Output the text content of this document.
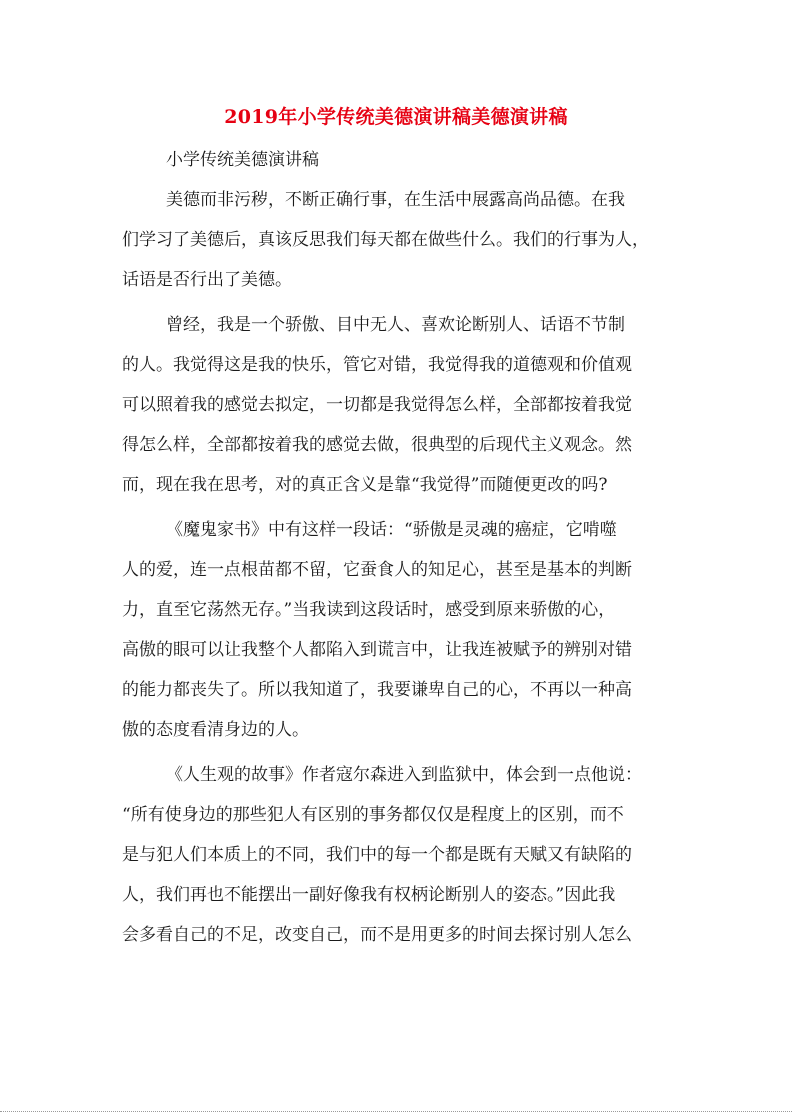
2019年小学传统美德演讲稿美德演讲稿
小学传统美德演讲稿
美德而非污秽，不断正确行事，在生活中展露高尚品德。在我
们学习了美德后，真该反思我们每天都在做些什么。我们的行事为人，
话语是否行出了美德。
曾经，我是一个骄傲、目中无人、喜欢论断别人、话语不节制
的人。我觉得这是我的快乐，管它对错，我觉得我的道德观和价值观
可以照着我的感觉去拟定，一切都是我觉得怎么样，全部都按着我觉
得怎么样，全部都按着我的感觉去做，很典型的后现代主义观念。然
而，现在我在思考，对的真正含义是靠“我觉得”而随便更改的吗?
《魔鬼家书》中有这样一段话：“骄傲是灵魂的癌症，它啃噬
人的爱，连一点根苗都不留，它蚕食人的知足心，甚至是基本的判断
力，直至它荡然无存。”当我读到这段话时，感受到原来骄傲的心，
高傲的眼可以让我整个人都陷入到谎言中，让我连被赋予的辨别对错
的能力都丧失了。所以我知道了，我要谦卑自己的心，不再以一种高
傲的态度看清身边的人。
《人生观的故事》作者寇尔森进入到监狱中，体会到一点他说：
“所有使身边的那些犯人有区别的事务都仅仅是程度上的区别，而不
是与犯人们本质上的不同，我们中的每一个都是既有天赋又有缺陷的
人，我们再也不能摆出一副好像我有权柄论断别人的姿态。”因此我
会多看自己的不足，改变自己，而不是用更多的时间去探讨别人怎么
